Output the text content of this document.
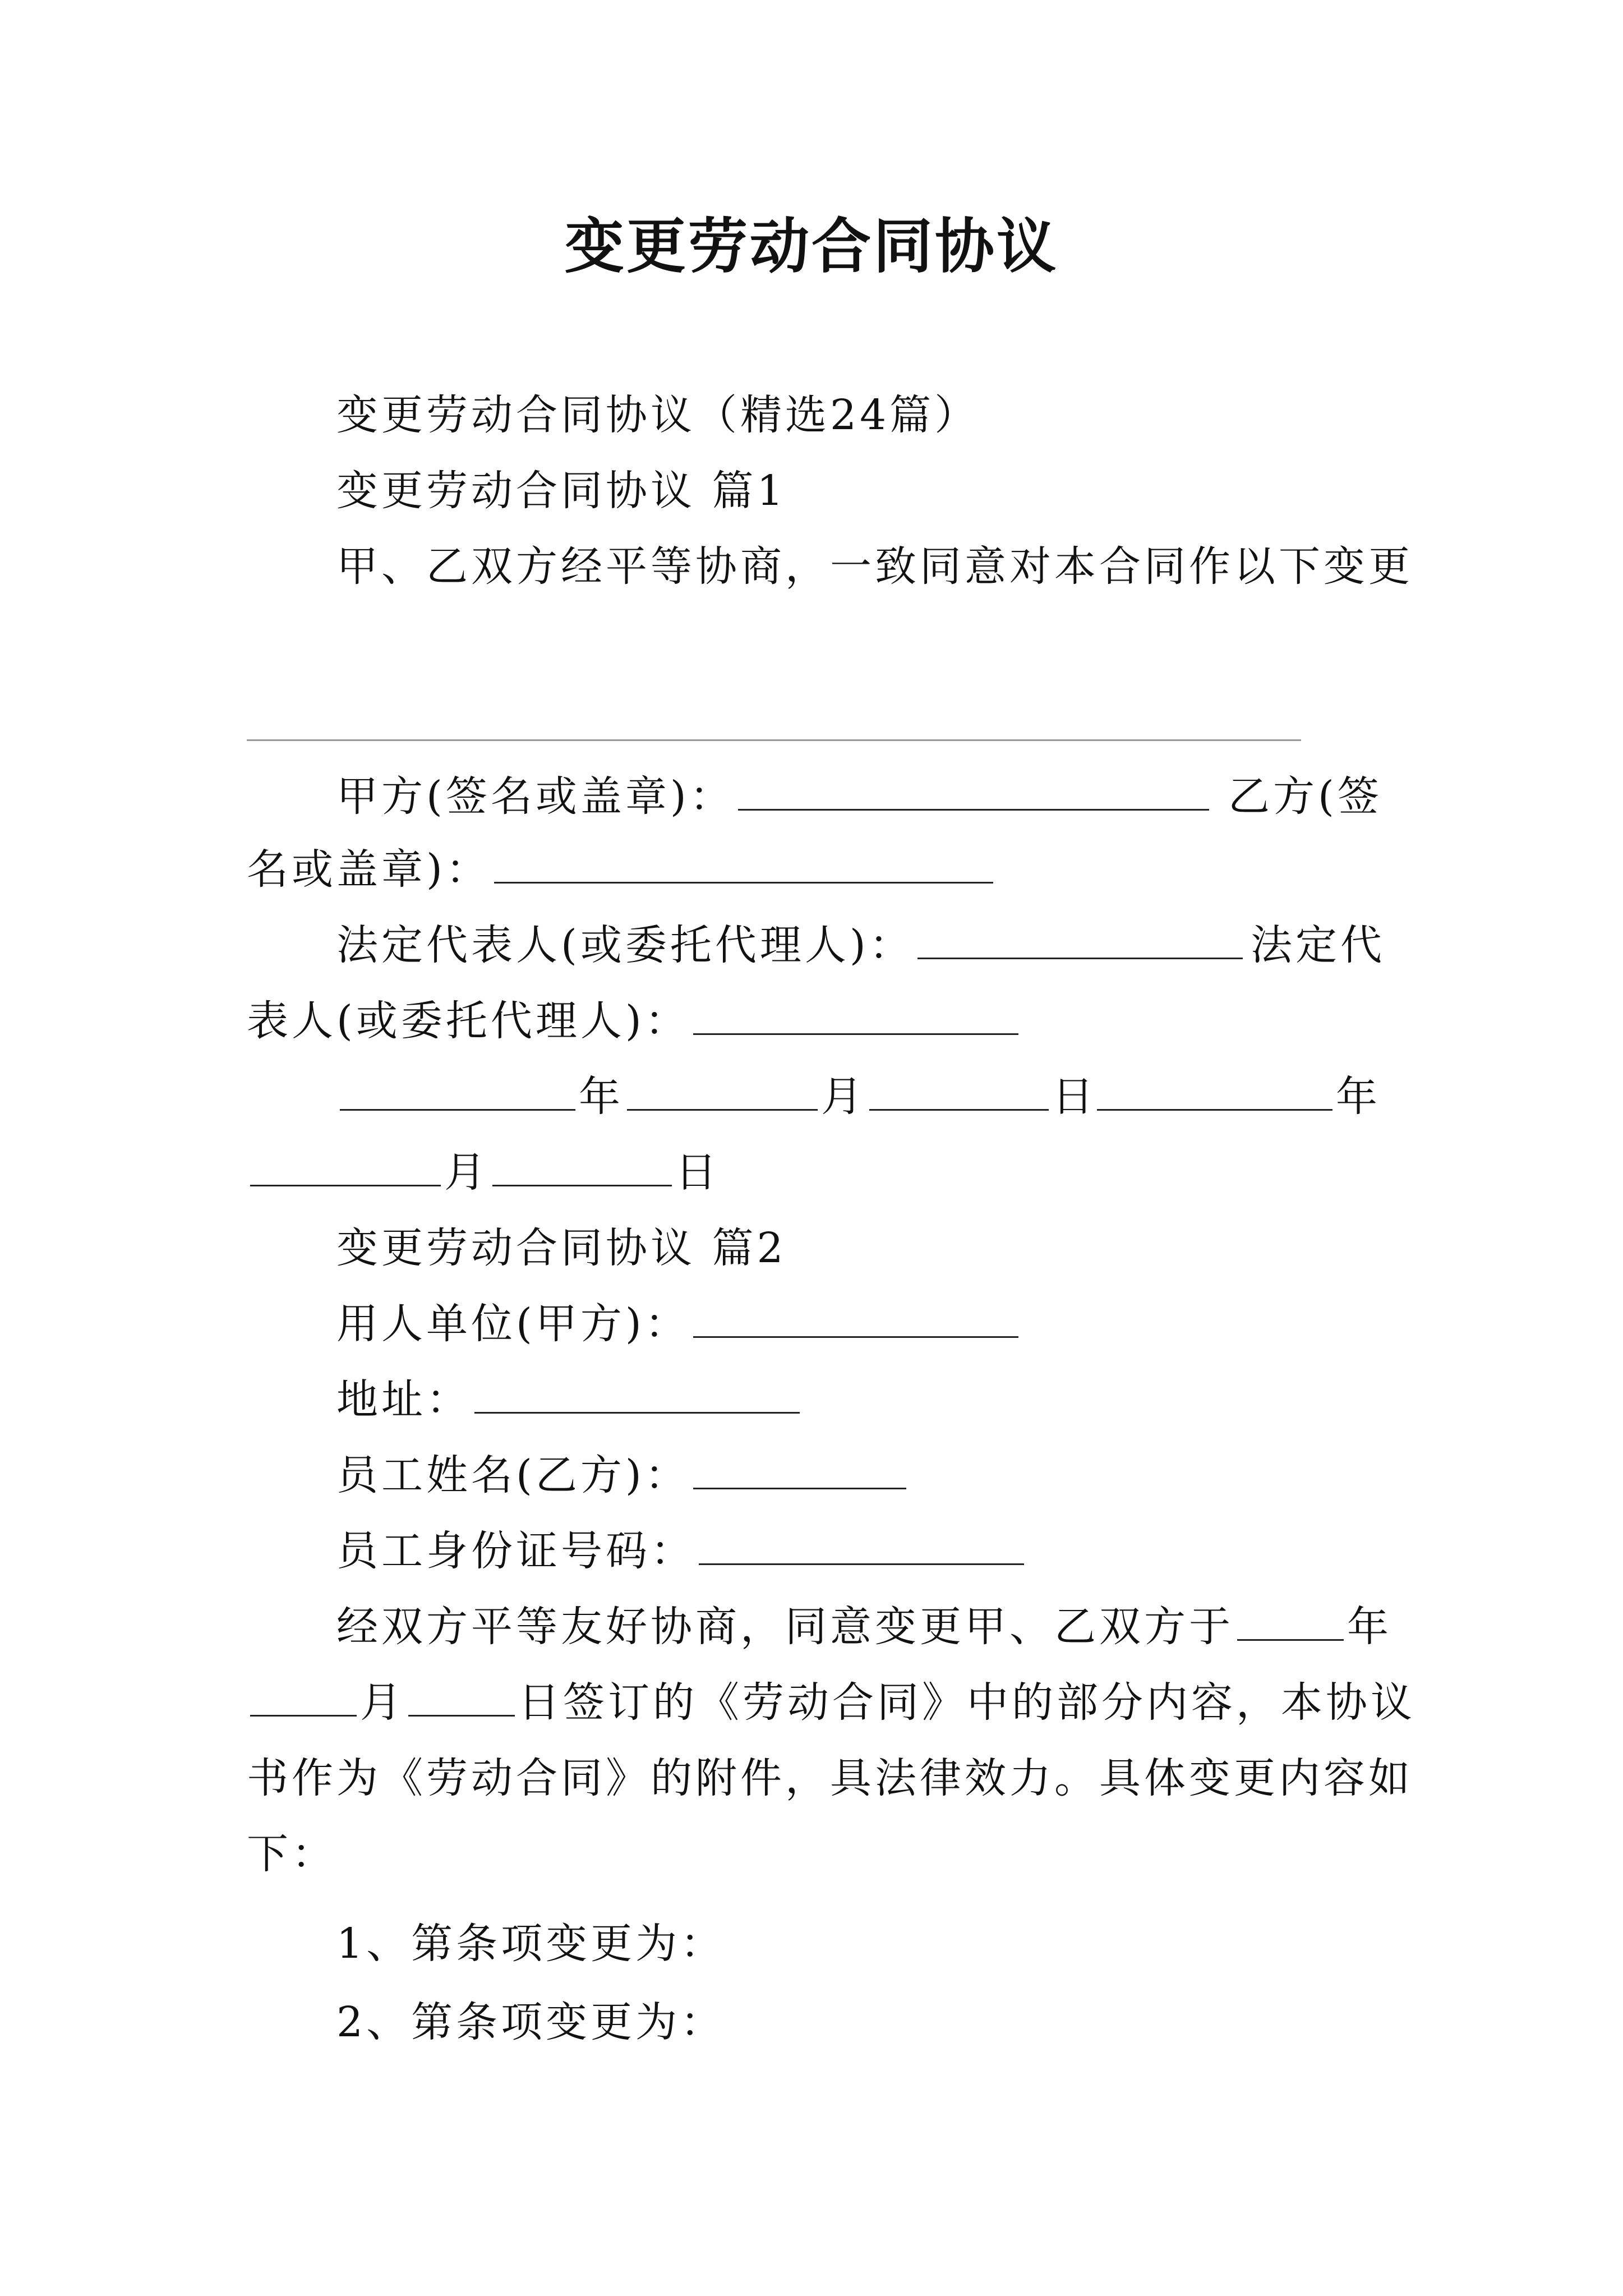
变更劳动合同协议
变更劳动合同协议（精选24篇）
变更劳动合同协议 篇1
甲、乙双方经平等协商，一致同意对本合同作以下变更
甲方(签名或盖章)：	乙方(签
名或盖章)：
法定代表人(或委托代理人)：	法定代
表人(或委托代理人)：
年	月	日	年
月	日
变更劳动合同协议 篇2
用人单位(甲方)：
地址：
员工姓名(乙方)：
员工身份证号码：
经双方平等友好协商，同意变更甲、乙双方于	年
月	日签订的《劳动合同》中的部分内容，本协议
书作为《劳动合同》的附件，具法律效力。具体变更内容如
下：
1、第条项变更为：
2、第条项变更为：
